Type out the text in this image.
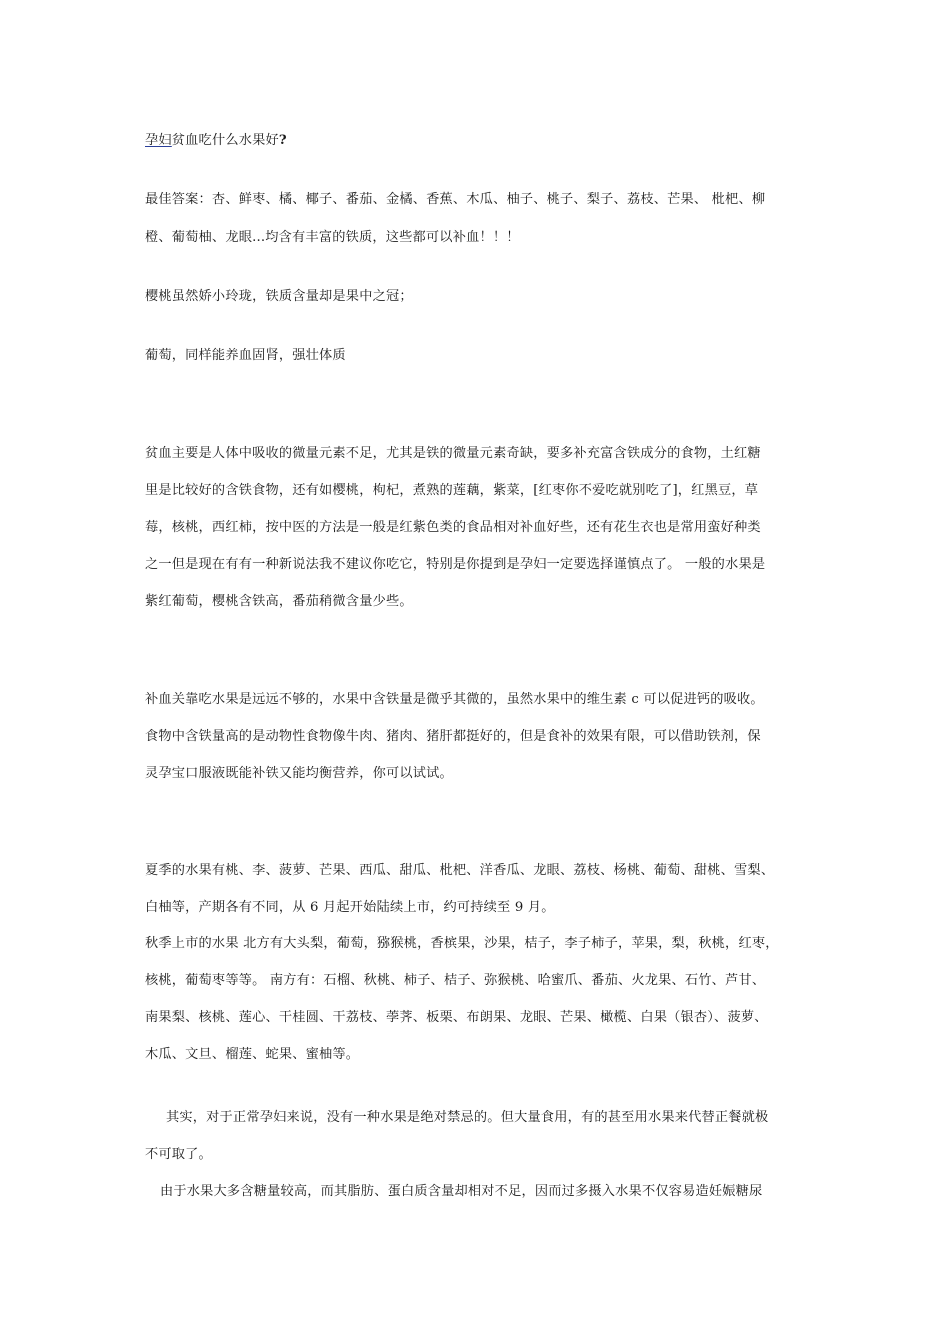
孕妇贫血吃什么水果好?
最佳答案：杏、鲜枣、橘、椰子、番茄、金橘、香蕉、木瓜、柚子、桃子、梨子、荔枝、芒果、 枇杷、柳
橙、葡萄柚、龙眼...均含有丰富的铁质，这些都可以补血！！！
樱桃虽然娇小玲珑，铁质含量却是果中之冠；
葡萄，同样能养血固肾，强壮体质
贫血主要是人体中吸收的微量元素不足，尤其是铁的微量元素奇缺，要多补充富含铁成分的食物，土红糖
里是比较好的含铁食物，还有如樱桃，枸杞，煮熟的莲藕，紫菜，[红枣你不爱吃就别吃了]，红黑豆，草
莓，核桃，西红柿，按中医的方法是一般是红紫色类的食品相对补血好些，还有花生衣也是常用蛮好种类
之一但是现在有有一种新说法我不建议你吃它，特别是你提到是孕妇一定要选择谨慎点了。 一般的水果是
紫红葡萄，樱桃含铁高，番茄稍微含量少些。
补血关靠吃水果是远远不够的，水果中含铁量是微乎其微的，虽然水果中的维生素 c 可以促进钙的吸收。
食物中含铁量高的是动物性食物像牛肉、猪肉、猪肝都挺好的，但是食补的效果有限，可以借助铁剂，保
灵孕宝口服液既能补铁又能均衡营养，你可以试试。
夏季的水果有桃、李、菠萝、芒果、西瓜、甜瓜、枇杷、洋香瓜、龙眼、荔枝、杨桃、葡萄、甜桃、雪梨、
白柚等，产期各有不同，从 6 月起开始陆续上市，约可持续至 9 月。
秋季上市的水果 北方有大头梨，葡萄，猕猴桃，香槟果，沙果，桔子，李子柿子，苹果，梨，秋桃，红枣，
核桃，葡萄枣等等。 南方有：石榴、秋桃、柿子、桔子、弥猴桃、哈蜜爪、番茄、火龙果、石竹、芦甘、
南果梨、核桃、莲心、干桂圆、干荔枝、荸荠、板栗、布朗果、龙眼、芒果、橄榄、白果（银杏）、菠萝、
木瓜、文旦、榴莲、蛇果、蜜柚等。
其实，对于正常孕妇来说，没有一种水果是绝对禁忌的。但大量食用，有的甚至用水果来代替正餐就极
不可取了。
由于水果大多含糖量较高，而其脂肪、蛋白质含量却相对不足，因而过多摄入水果不仅容易造妊娠糖尿
